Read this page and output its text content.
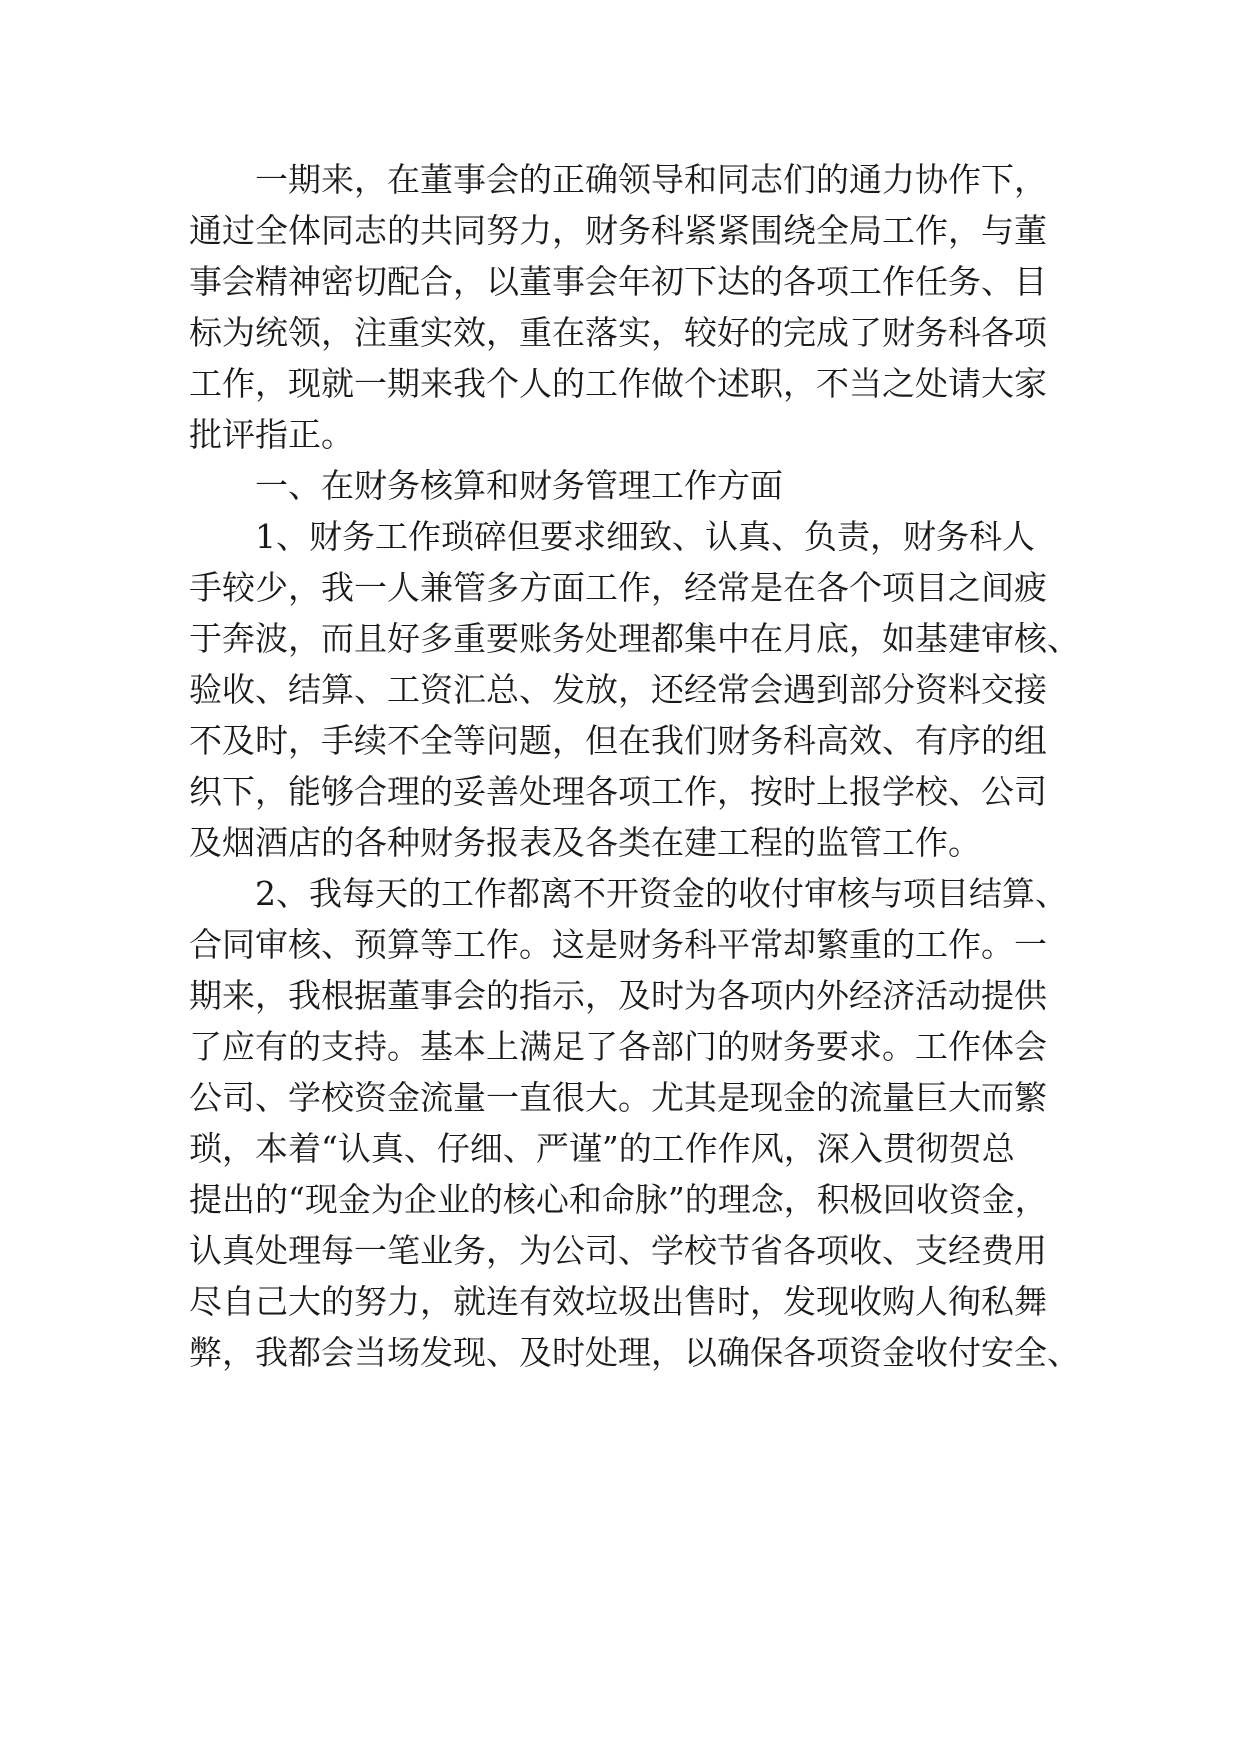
一期来，在董事会的正确领导和同志们的通力协作下，
通过全体同志的共同努力，财务科紧紧围绕全局工作，与董
事会精神密切配合，以董事会年初下达的各项工作任务、目
标为统领，注重实效，重在落实，较好的完成了财务科各项
工作，现就一期来我个人的工作做个述职，不当之处请大家
批评指正。
一、在财务核算和财务管理工作方面
1、财务工作琐碎但要求细致、认真、负责，财务科人
手较少，我一人兼管多方面工作，经常是在各个项目之间疲
于奔波，而且好多重要账务处理都集中在月底，如基建审核、
验收、结算、工资汇总、发放，还经常会遇到部分资料交接
不及时，手续不全等问题，但在我们财务科高效、有序的组
织下，能够合理的妥善处理各项工作，按时上报学校、公司
及烟酒店的各种财务报表及各类在建工程的监管工作。
2、我每天的工作都离不开资金的收付审核与项目结算、
合同审核、预算等工作。这是财务科平常却繁重的工作。一
期来，我根据董事会的指示，及时为各项内外经济活动提供
了应有的支持。基本上满足了各部门的财务要求。工作体会
公司、学校资金流量一直很大。尤其是现金的流量巨大而繁
琐，本着“认真、仔细、严谨”的工作作风，深入贯彻贺总
提出的“现金为企业的核心和命脉”的理念，积极回收资金，
认真处理每一笔业务，为公司、学校节省各项收、支经费用
尽自己大的努力，就连有效垃圾出售时，发现收购人徇私舞
弊，我都会当场发现、及时处理，以确保各项资金收付安全、
